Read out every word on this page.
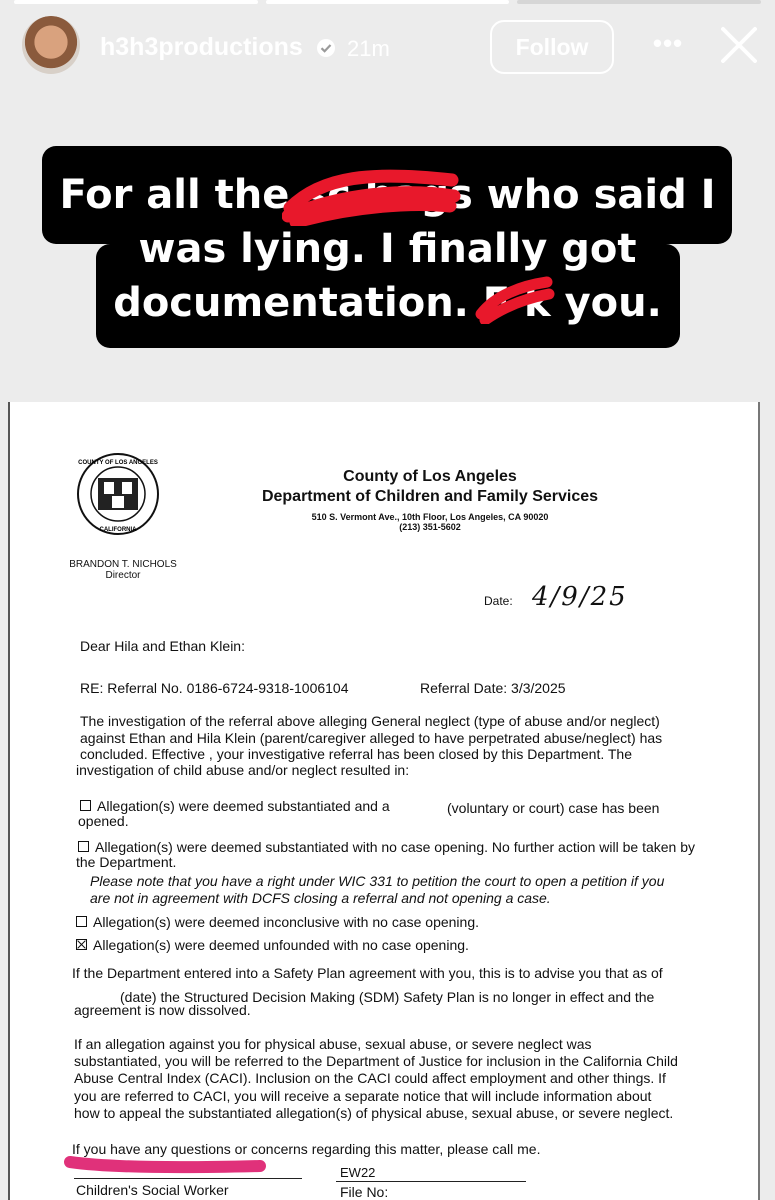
h3h3productions 21m	Follow	•••
For all the sc bags who said I
was lying. I finally got
documentation. F k you.
COUNTY OF LOS ANGELES
CALIFORNIA
County of Los Angeles
Department of Children and Family Services
510 S. Vermont Ave., 10th Floor, Los Angeles, CA 90020
(213) 351-5602
BRANDON T. NICHOLS
Director
Date: 4/9/25
Dear Hila and Ethan Klein:
RE: Referral No. 0186-6724-9318-1006104	Referral Date: 3/3/2025
The investigation of the referral above alleging General neglect (type of abuse and/or neglect)
against Ethan and Hila Klein (parent/caregiver alleged to have perpetrated abuse/neglect) has
concluded. Effective , your investigative referral has been closed by this Department. The
investigation of child abuse and/or neglect resulted in:
Allegation(s) were deemed substantiated and a	(voluntary or court) case has been
opened.
Allegation(s) were deemed substantiated with no case opening. No further action will be taken by
the Department.
Please note that you have a right under WIC 331 to petition the court to open a petition if you
are not in agreement with DCFS closing a referral and not opening a case.
Allegation(s) were deemed inconclusive with no case opening.
Allegation(s) were deemed unfounded with no case opening.
If the Department entered into a Safety Plan agreement with you, this is to advise you that as of
(date) the Structured Decision Making (SDM) Safety Plan is no longer in effect and the
agreement is now dissolved.
If an allegation against you for physical abuse, sexual abuse, or severe neglect was
substantiated, you will be referred to the Department of Justice for inclusion in the California Child
Abuse Central Index (CACI). Inclusion on the CACI could affect employment and other things. If
you are referred to CACI, you will receive a separate notice that will include information about
how to appeal the substantiated allegation(s) of physical abuse, sexual abuse, or severe neglect.
If you have any questions or concerns regarding this matter, please call me.
EW22
Children's Social Worker	File No:
